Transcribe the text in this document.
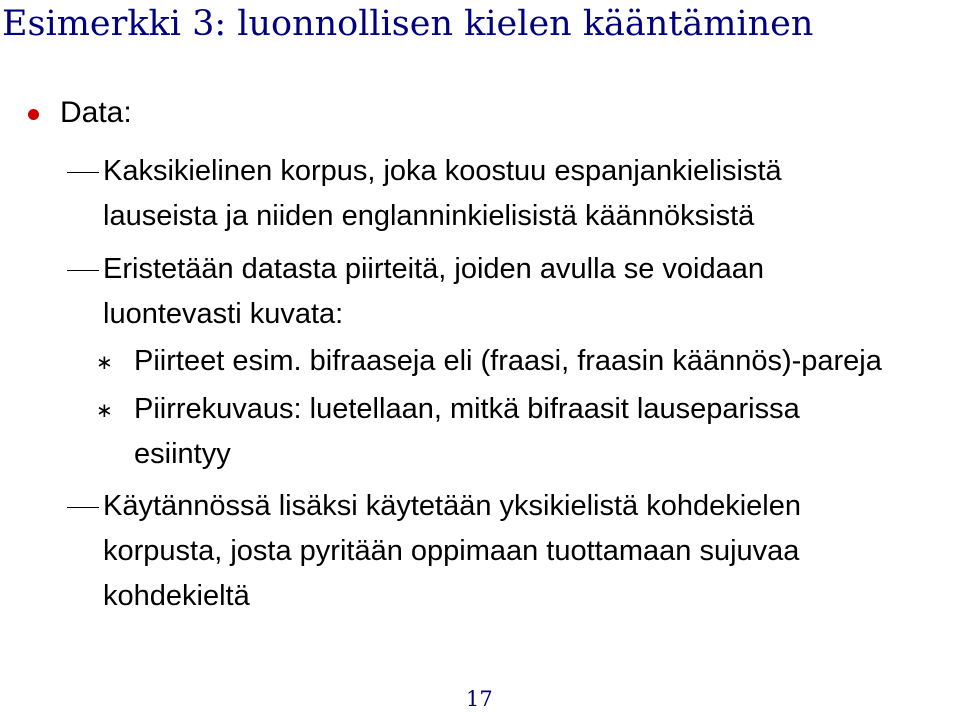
Esimerkki 3: luonnollisen kielen kääntäminen
Data:

Kaksikielinen korpus, joka koostuu espanjankielisistä
lauseista ja niiden englanninkielisistä käännöksistä

Eristetään datasta piirteitä, joiden avulla se voidaan
luontevasti kuvata:

∗ Piirteet esim. bifraaseja eli (fraasi, fraasin käännös)-pareja

∗ Piirrekuvaus: luetellaan, mitkä bifraasit lauseparissa
esiintyy

Käytännössä lisäksi käytetään yksikielistä kohdekielen
korpusta, josta pyritään oppimaan tuottamaan sujuvaa
kohdekieltä

17
